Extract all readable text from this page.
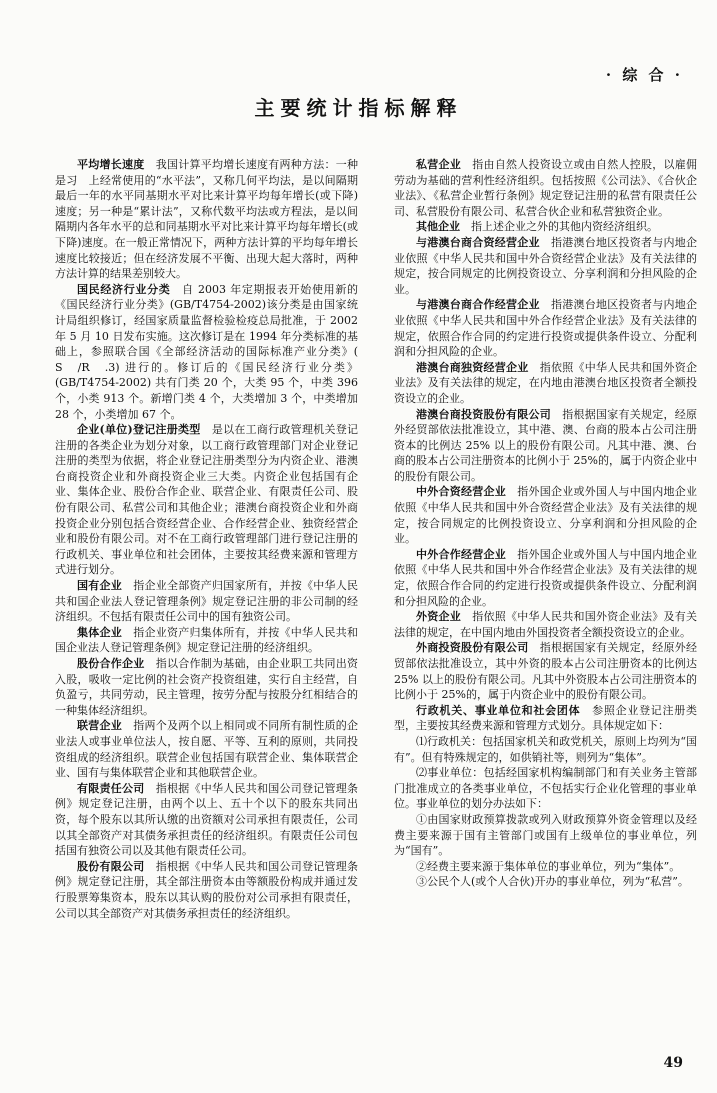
· 综 合 ·
主要统计指标解释

平均增长速度　 我国计算平均增长速度有两种方法：一种是习　上经常使用的“水平法”，又称几何平均法，是以间隔期最后一年的水平同基期水平对比来计算平均每年增长(或下降)速度；另一种是“累计法”，又称代数平均法或方程法，是以间隔期内各年水平的总和同基期水平对比来计算平均每年增长(或下降)速度。在一般正常情况下，两种方法计算的平均每年增长速度比较接近；但在经济发展不平衡、出现大起大落时，两种方法计算的结果差别较大。

国民经济行业分类　 自 2003 年定期报表开始使用新的《国民经济行业分类》(GB/T4754-2002)该分类是由国家统计局组织修订，经国家质量监督检验检疫总局批准，于 2002 年 5 月 10 日发布实施。这次修订是在 1994 年分类标准的基础上，参照联合国《全部经济活动的国际标准产业分类》( S　/R　.3) 进行的。修订后的《国民经济行业分类》(GB/T4754-2002) 共有门类 20 个，大类 95 个，中类 396 个，小类 913 个。新增门类 4 个，大类增加 3 个，中类增加 28 个，小类增加 67 个。

企业(单位)登记注册类型　 是以在工商行政管理机关登记注册的各类企业为划分对象，以工商行政管理部门对企业登记注册的类型为依据，将企业登记注册类型分为内资企业、港澳台商投资企业和外商投资企业三大类。内资企业包括国有企业、集体企业、股份合作企业、联营企业、有限责任公司、股份有限公司、私营公司和其他企业；港澳台商投资企业和外商投资企业分别包括合资经营企业、合作经营企业、独资经营企业和股份有限公司。对不在工商行政管理部门进行登记注册的行政机关、事业单位和社会团体，主要按其经费来源和管理方式进行划分。

国有企业　 指企业全部资产归国家所有，并按《中华人民共和国企业法人登记管理条例》规定登记注册的非公司制的经济组织。不包括有限责任公司中的国有独资公司。

集体企业　 指企业资产归集体所有，并按《中华人民共和国企业法人登记管理条例》规定登记注册的经济组织。

股份合作企业　 指以合作制为基础，由企业职工共同出资入股，吸收一定比例的社会资产投资组建，实行自主经营，自负盈亏，共同劳动，民主管理，按劳分配与按股分红相结合的一种集体经济组织。

联营企业　 指两个及两个以上相同或不同所有制性质的企业法人或事业单位法人，按自愿、平等、互利的原则，共同投资组成的经济组织。联营企业包括国有联营企业、集体联营企业、国有与集体联营企业和其他联营企业。

有限责任公司　 指根据《中华人民共和国公司登记管理条例》规定登记注册，由两个以上、五十个以下的股东共同出资，每个股东以其所认缴的出资额对公司承担有限责任，公司以其全部资产对其债务承担责任的经济组织。有限责任公司包括国有独资公司以及其他有限责任公司。

股份有限公司　 指根据《中华人民共和国公司登记管理条例》规定登记注册，其全部注册资本由等额股份构成并通过发行股票筹集资本，股东以其认购的股份对公司承担有限责任，公司以其全部资产对其债务承担责任的经济组织。

私营企业　 指由自然人投资设立或由自然人控股，以雇佣劳动为基础的营利性经济组织。包括按照《公司法》、《合伙企业法》、《私营企业暂行条例》规定登记注册的私营有限责任公司、私营股份有限公司、私营合伙企业和私营独资企业。

其他企业　 指上述企业之外的其他内资经济组织。

与港澳台商合资经营企业　 指港澳台地区投资者与内地企业依照《中华人民共和国中外合资经营企业法》及有关法律的规定，按合同规定的比例投资设立、分享利润和分担风险的企业。

与港澳台商合作经营企业　 指港澳台地区投资者与内地企业依照《中华人民共和国中外合作经营企业法》及有关法律的规定，依照合作合同的约定进行投资或提供条件设立、分配利润和分担风险的企业。

港澳台商独资经营企业　 指依照《中华人民共和国外资企业法》及有关法律的规定，在内地由港澳台地区投资者全额投资设立的企业。

港澳台商投资股份有限公司　 指根据国家有关规定，经原外经贸部依法批准设立，其中港、澳、台商的股本占公司注册资本的比例达 25% 以上的股份有限公司。凡其中港、澳、台商的股本占公司注册资本的比例小于 25%的，属于内资企业中的股份有限公司。

中外合资经营企业　 指外国企业或外国人与中国内地企业依照《中华人民共和国中外合资经营企业法》及有关法律的规定，按合同规定的比例投资设立、分享利润和分担风险的企业。

中外合作经营企业　 指外国企业或外国人与中国内地企业依照《中华人民共和国中外合作经营企业法》及有关法律的规定，依照合作合同的约定进行投资或提供条件设立、分配利润和分担风险的企业。

外资企业　 指依照《中华人民共和国外资企业法》及有关法律的规定，在中国内地由外国投资者全额投资设立的企业。

外商投资股份有限公司　 指根据国家有关规定，经原外经贸部依法批准设立，其中外资的股本占公司注册资本的比例达 25% 以上的股份有限公司。凡其中外资股本占公司注册资本的比例小于 25%的，属于内资企业中的股份有限公司。

行政机关、事业单位和社会团体　 参照企业登记注册类型，主要按其经费来源和管理方式划分。具体规定如下：

⑴行政机关：包括国家机关和政党机关，原则上均列为“国有”。但有特殊规定的，如供销社等，则列为“集体”。

⑵事业单位：包括经国家机构编制部门和有关业务主管部门批准成立的各类事业单位，不包括实行企业化管理的事业单位。事业单位的划分办法如下：

①由国家财政预算拨款或列入财政预算外资金管理以及经费主要来源于国有主管部门或国有上级单位的事业单位，列为“国有”。

②经费主要来源于集体单位的事业单位，列为“集体”。

③公民个人(或个人合伙)开办的事业单位，列为“私营”。

49
